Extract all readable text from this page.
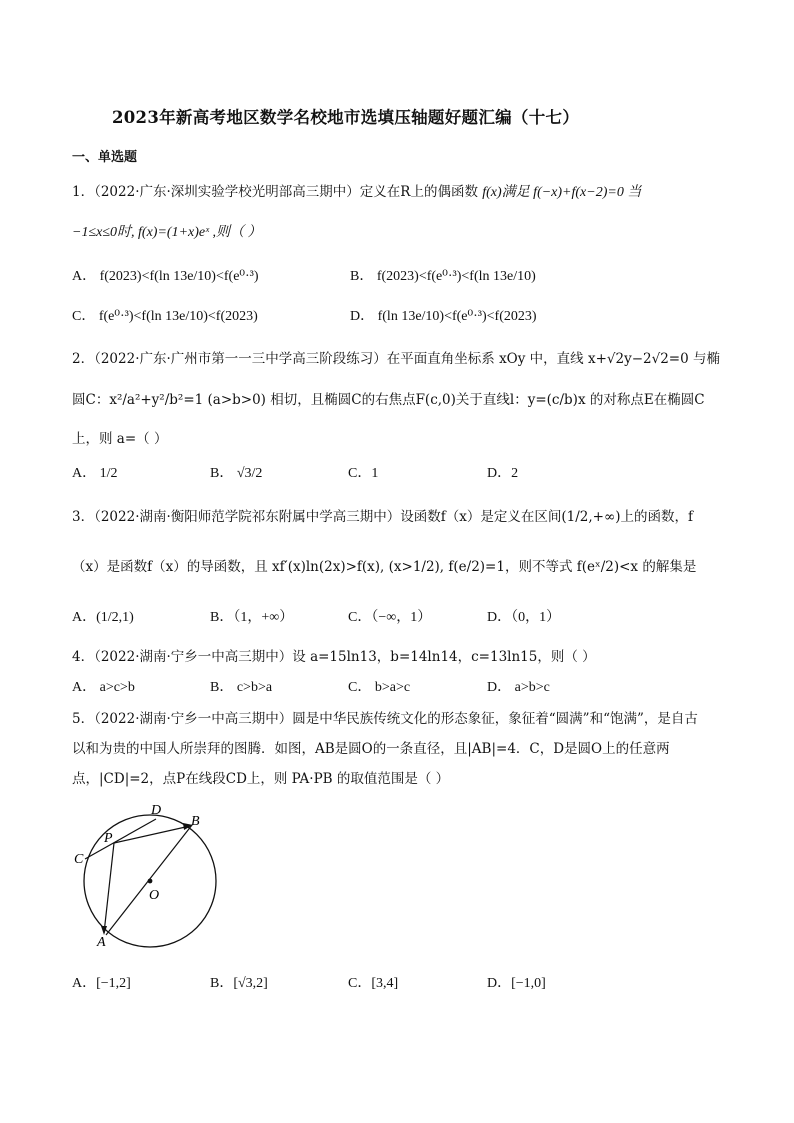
2023年新高考地区数学名校地市选填压轴题好题汇编（十七）
一、单选题
1．（2022·广东·深圳实验学校光明部高三期中）定义在R上的偶函数 f(x)满足 f(−x)+f(x−2)=0 当
−1≤x≤0时, f(x)=(1+x)eˣ ,则（ ）
A． f(2023)<f(ln 13e/10)<f(e⁰·³)	B． f(2023)<f(e⁰·³)<f(ln 13e/10)
C． f(e⁰·³)<f(ln 13e/10)<f(2023)	D． f(ln 13e/10)<f(e⁰·³)<f(2023)
2．（2022·广东·广州市第一一三中学高三阶段练习）在平面直角坐标系 xOy 中，直线 x+√2y−2√2=0 与椭
圆C：x²/a²+y²/b²=1 (a>b>0) 相切，且椭圆C的右焦点F(c,0)关于直线l：y=(c/b)x 的对称点E在椭圆C
上，则 a=（ ）
A． 1/2	B． √3/2	C．1	D．2
3．（2022·湖南·衡阳师范学院祁东附属中学高三期中）设函数f（x）是定义在区间(1/2,+∞)上的函数，f
（x）是函数f（x）的导函数，且 xf′(x)ln(2x)>f(x), (x>1/2), f(e/2)=1，则不等式 f(eˣ/2)<x 的解集是
A．(1/2,1)	B．（1，+∞）	C．（−∞，1）	D．（0，1）
4．（2022·湖南·宁乡一中高三期中）设 a=15ln13，b=14ln14，c=13ln15，则（ ）
A． a>c>b	B． c>b>a	C． b>a>c	D． a>b>c
5．（2022·湖南·宁乡一中高三期中）圆是中华民族传统文化的形态象征，象征着“圆满”和“饱满”，是自古
以和为贵的中国人所崇拜的图腾．如图，AB是圆O的一条直径，且|AB|=4．C，D是圆O上的任意两
点，|CD|=2，点P在线段CD上，则 PA·PB 的取值范围是（ ）
D
B
P
C
O
A
A．[−1,2]	B．[√3,2]	C．[3,4]	D．[−1,0]
